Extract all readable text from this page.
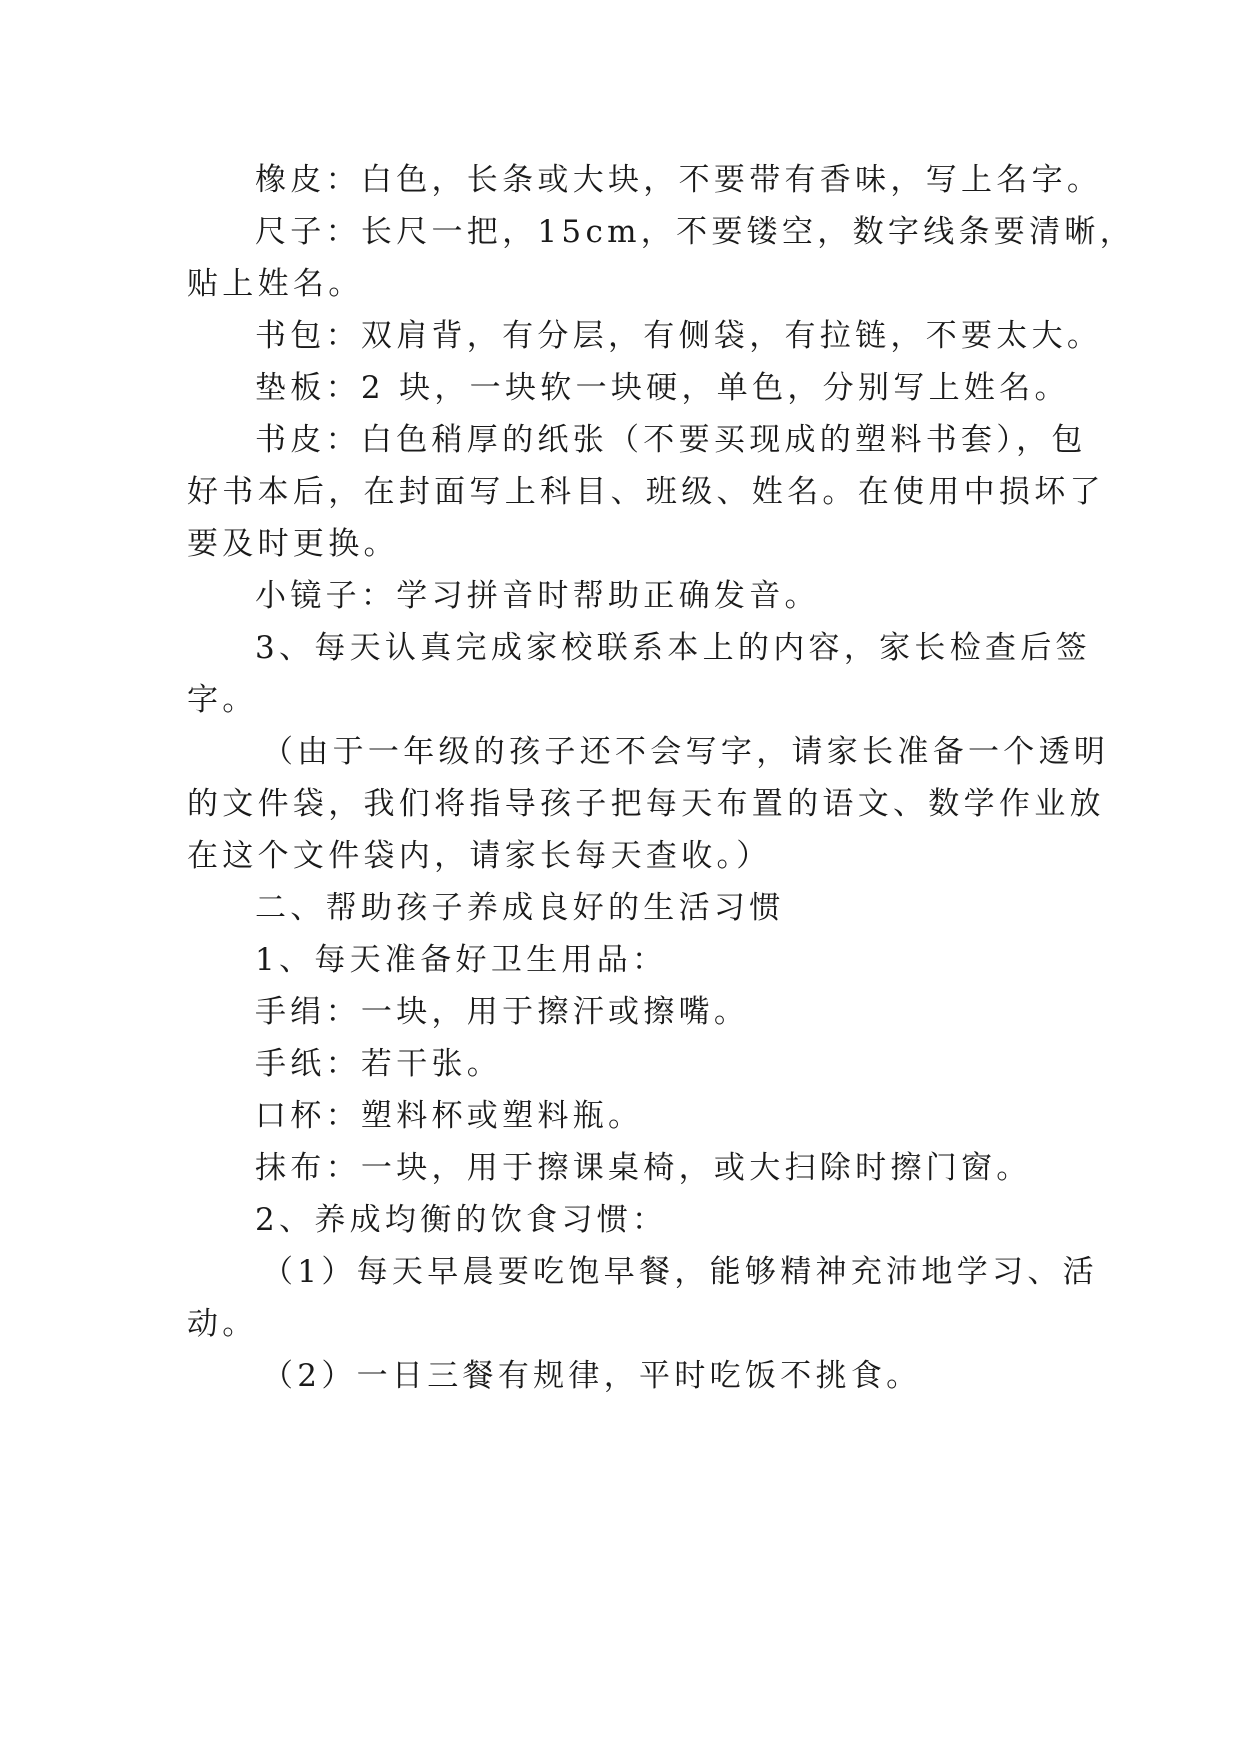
橡皮：白色，长条或大块，不要带有香味，写上名字。
尺子：长尺一把，15cm，不要镂空，数字线条要清晰，
贴上姓名。
书包：双肩背，有分层，有侧袋，有拉链，不要太大。
垫板：2 块，一块软一块硬，单色，分别写上姓名。
书皮：白色稍厚的纸张（不要买现成的塑料书套），包
好书本后，在封面写上科目、班级、姓名。在使用中损坏了
要及时更换。
小镜子：学习拼音时帮助正确发音。
3、每天认真完成家校联系本上的内容，家长检查后签
字。
（由于一年级的孩子还不会写字，请家长准备一个透明
的文件袋，我们将指导孩子把每天布置的语文、数学作业放
在这个文件袋内，请家长每天查收。）
二、帮助孩子养成良好的生活习惯
1、每天准备好卫生用品：
手绢：一块，用于擦汗或擦嘴。
手纸：若干张。
口杯：塑料杯或塑料瓶。
抹布：一块，用于擦课桌椅，或大扫除时擦门窗。
2、养成均衡的饮食习惯：
（1）每天早晨要吃饱早餐，能够精神充沛地学习、活
动。
（2）一日三餐有规律，平时吃饭不挑食。
